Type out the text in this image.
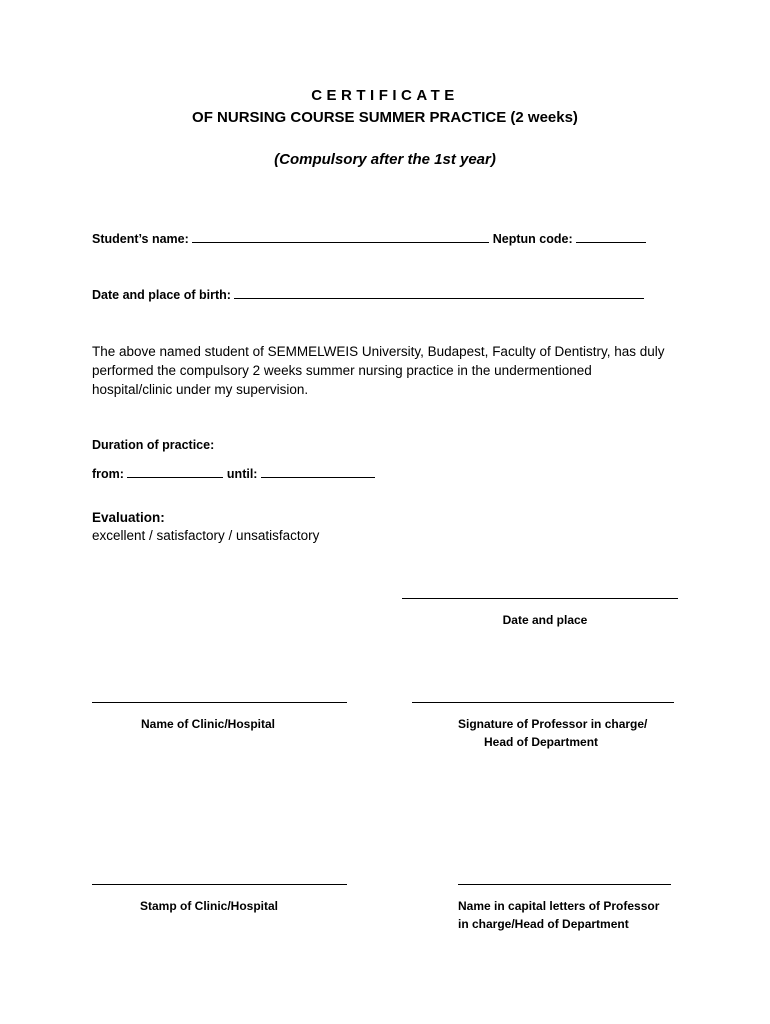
CERTIFICATE
OF NURSING COURSE SUMMER PRACTICE (2 weeks)
(Compulsory after the 1st year)
Student’s name:	Neptun code:
Date and place of birth:
The above named student of SEMMELWEIS University, Budapest, Faculty of Dentistry, has duly performed the compulsory 2 weeks summer nursing practice in the undermentioned hospital/clinic under my supervision.
Duration of practice:
from:	until:
Evaluation:
excellent / satisfactory / unsatisfactory
Date and place
Name of Clinic/Hospital	Signature of Professor in charge/
Head of Department
Stamp of Clinic/Hospital	Name in capital letters of Professor
in charge/Head of Department
